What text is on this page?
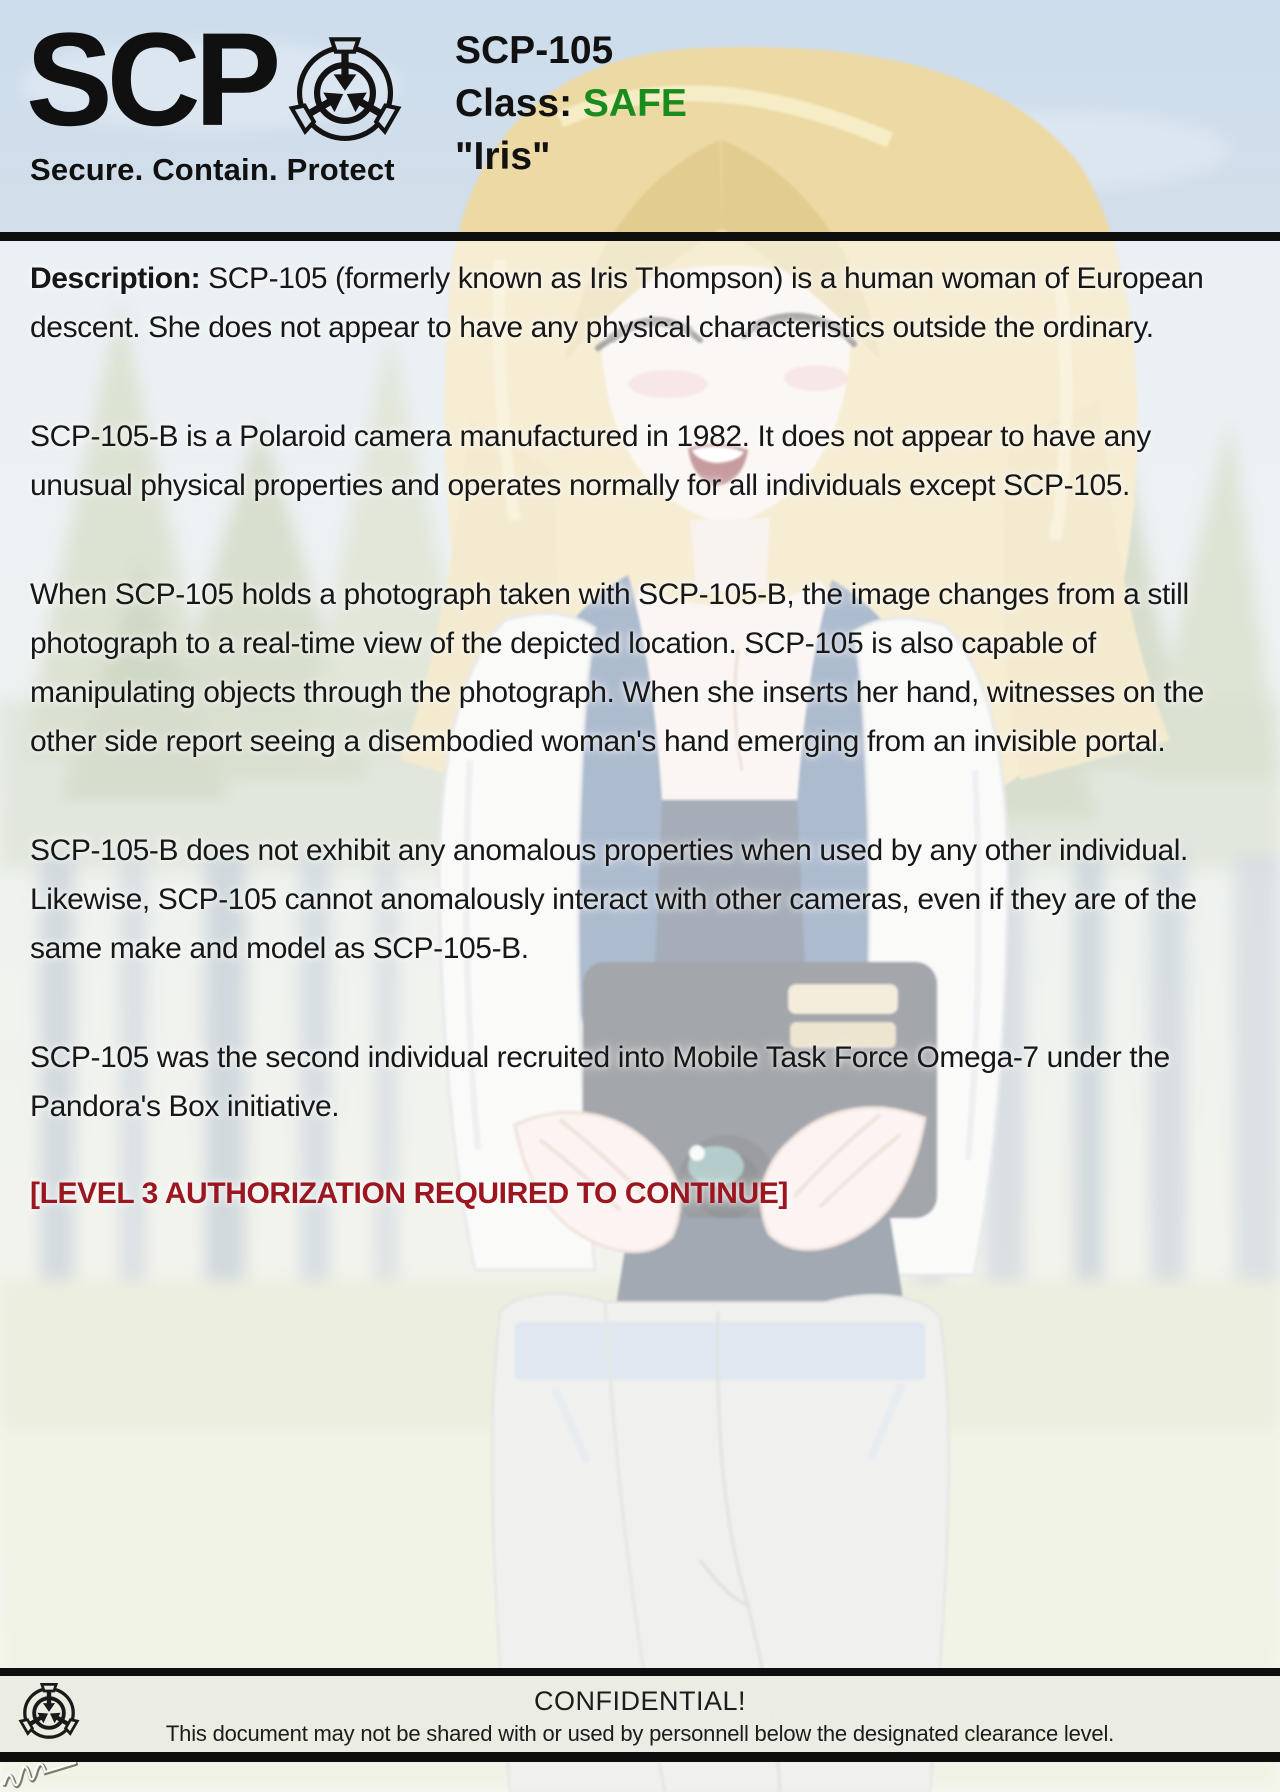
SCP
Secure. Contain. Protect
SCP-105
Class: SAFE
"Iris"

Description: SCP-105 (formerly known as Iris Thompson) is a human woman of European descent. She does not appear to have any physical characteristics outside the ordinary.

SCP-105-B is a Polaroid camera manufactured in 1982. It does not appear to have any unusual physical properties and operates normally for all individuals except SCP-105.

When SCP-105 holds a photograph taken with SCP-105-B, the image changes from a still photograph to a real-time view of the depicted location. SCP-105 is also capable of manipulating objects through the photograph. When she inserts her hand, witnesses on the other side report seeing a disembodied woman's hand emerging from an invisible portal.

SCP-105-B does not exhibit any anomalous properties when used by any other individual. Likewise, SCP-105 cannot anomalously interact with other cameras, even if they are of the same make and model as SCP-105-B.

SCP-105 was the second individual recruited into Mobile Task Force Omega-7 under the Pandora's Box initiative.

[LEVEL 3 AUTHORIZATION REQUIRED TO CONTINUE]

CONFIDENTIAL!
This document may not be shared with or used by personnell below the designated clearance level.
